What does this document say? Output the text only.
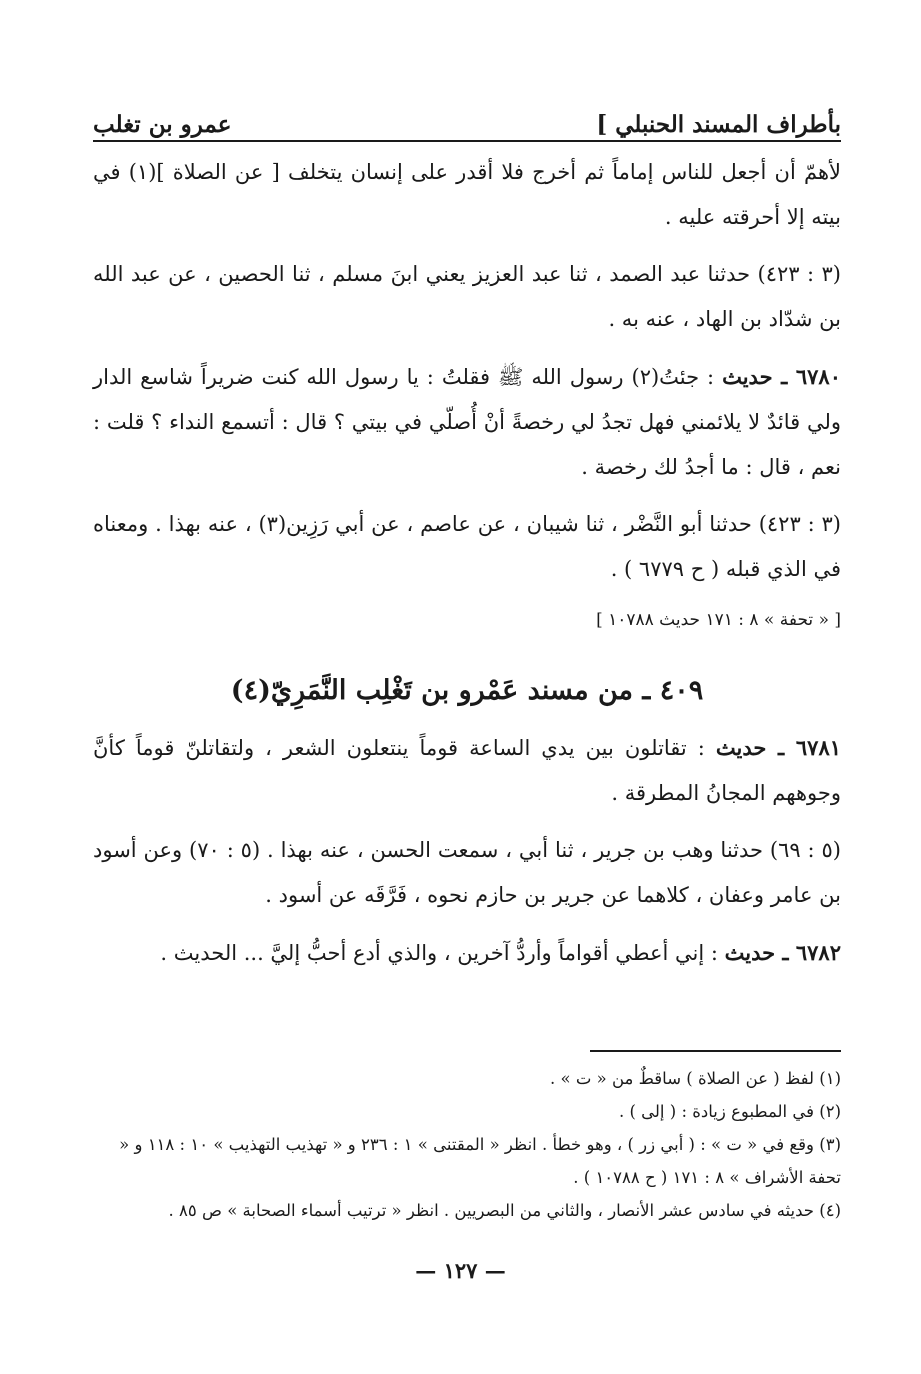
عمرو بن تغلب	بأطراف المسند الحنبلي ]

لأهمّ أن أجعل للناس إماماً ثم أخرج فلا أقدر على إنسان يتخلف [ عن الصلاة ](١) في بيته إلا أحرقته عليه .

(٣ : ٤٢٣) حدثنا عبد الصمد ، ثنا عبد العزيز يعني ابنَ مسلم ، ثنا الحصين ، عن عبد الله بن شدّاد بن الهاد ، عنه به .

٦٧٨٠ ـ حديث : جئتُ(٢) رسول الله ﷺ فقلتُ : يا رسول الله كنت ضريراً شاسع الدار ولي قائدٌ لا يلائمني فهل تجدُ لي رخصةً أنْ أُصلّي في بيتي ؟ قال : أتسمع النداء ؟ قلت : نعم ، قال : ما أجدُ لك رخصة .

(٣ : ٤٢٣) حدثنا أبو النَّضْر ، ثنا شيبان ، عن عاصم ، عن أبي رَزِين(٣) ، عنه بهذا . ومعناه في الذي قبله ( ح ٦٧٧٩ ) .

[ « تحفة » ٨ : ١٧١ حديث ١٠٧٨٨ ]

٤٠٩ ـ من مسند عَمْرو بن تَغْلِب النَّمَرِيّ(٤)

٦٧٨١ ـ حديث : تقاتلون بين يدي الساعة قوماً ينتعلون الشعر ، ولتقاتلنّ قوماً كأنَّ وجوههم المجانُ المطرقة .

(٥ : ٦٩) حدثنا وهب بن جرير ، ثنا أبي ، سمعت الحسن ، عنه بهذا . (٥ : ٧٠) وعن أسود بن عامر وعفان ، كلاهما عن جرير بن حازم نحوه ، فَرَّقَه عن أسود .

٦٧٨٢ ـ حديث : إني أعطي أقواماً وأردُّ آخرين ، والذي أدع أحبُّ إليَّ ... الحديث .

(١) لفظ ( عن الصلاة ) ساقطٌ من « ت » .

(٢) في المطبوع زيادة : ( إلى ) .

(٣) وقع في « ت » : ( أبي زر ) ، وهو خطأ . انظر « المقتنى » ١ : ٢٣٦ و « تهذيب التهذيب » ١٠ : ١١٨ و « تحفة الأشراف » ٨ : ١٧١ ( ح ١٠٧٨٨ ) .

(٤) حديثه في سادس عشر الأنصار ، والثاني من البصريين . انظر « ترتيب أسماء الصحابة » ص ٨٥ .

— ١٢٧ —
